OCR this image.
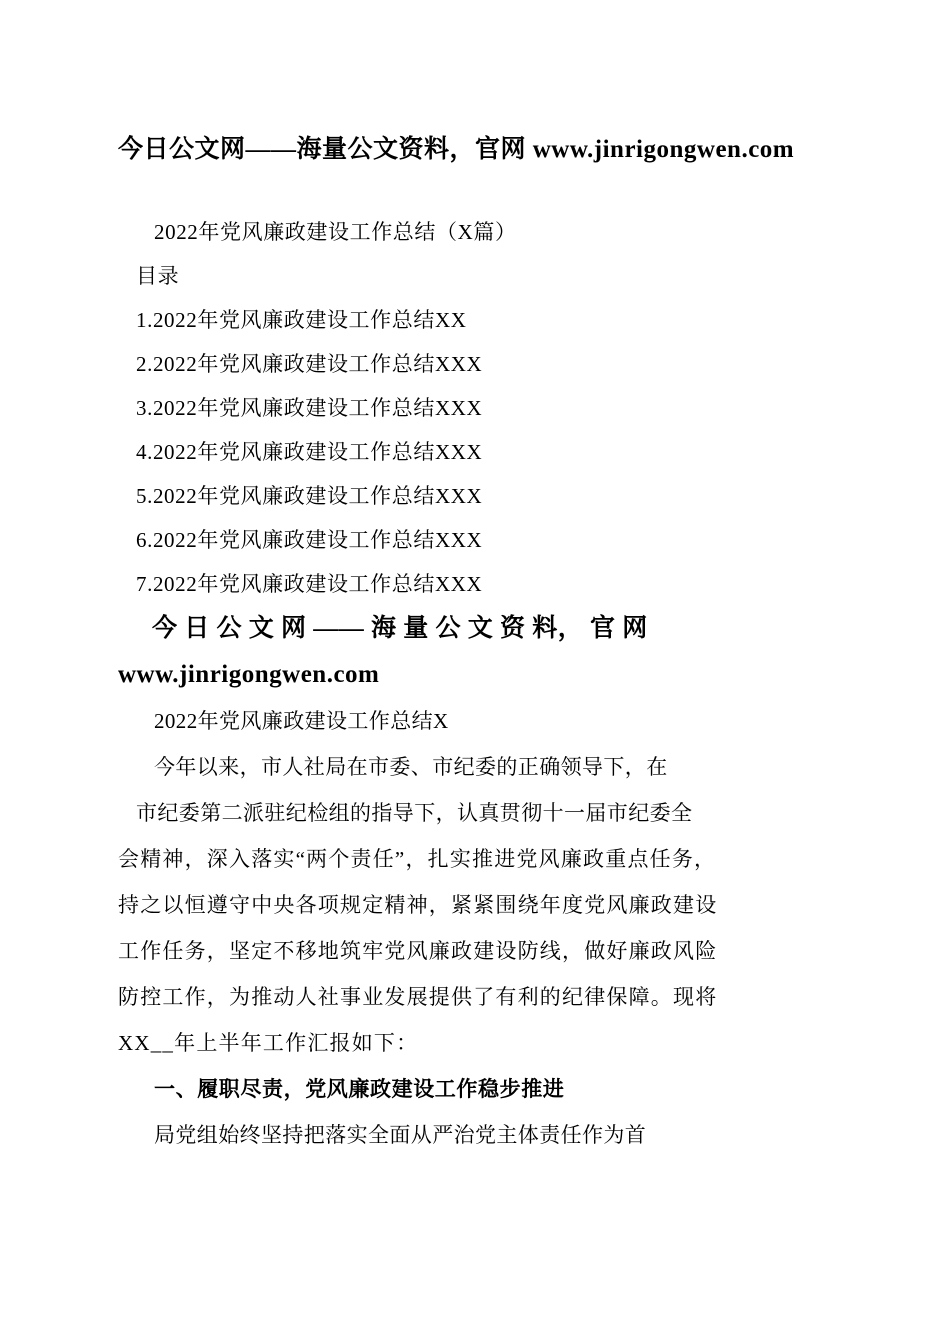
今日公文网——海量公文资料，官网 www.jinrigongwen.com
2022年党风廉政建设工作总结（X篇）
目录
1.2022年党风廉政建设工作总结XX
2.2022年党风廉政建设工作总结XXX
3.2022年党风廉政建设工作总结XXX
4.2022年党风廉政建设工作总结XXX
5.2022年党风廉政建设工作总结XXX
6.2022年党风廉政建设工作总结XXX
7.2022年党风廉政建设工作总结XXX
今 日 公 文 网 —— 海 量 公 文 资 料， 官 网
www.jinrigongwen.com
2022年党风廉政建设工作总结X
今年以来，市人社局在市委、市纪委的正确领导下，在
市纪委第二派驻纪检组的指导下，认真贯彻十一届市纪委全
会精神，深入落实“两个责任”，扎实推进党风廉政重点任务，
持之以恒遵守中央各项规定精神，紧紧围绕年度党风廉政建设
工作任务，坚定不移地筑牢党风廉政建设防线，做好廉政风险
防控工作，为推动人社事业发展提供了有利的纪律保障。现将
XX__年上半年工作汇报如下：
一、履职尽责，党风廉政建设工作稳步推进
局党组始终坚持把落实全面从严治党主体责任作为首
